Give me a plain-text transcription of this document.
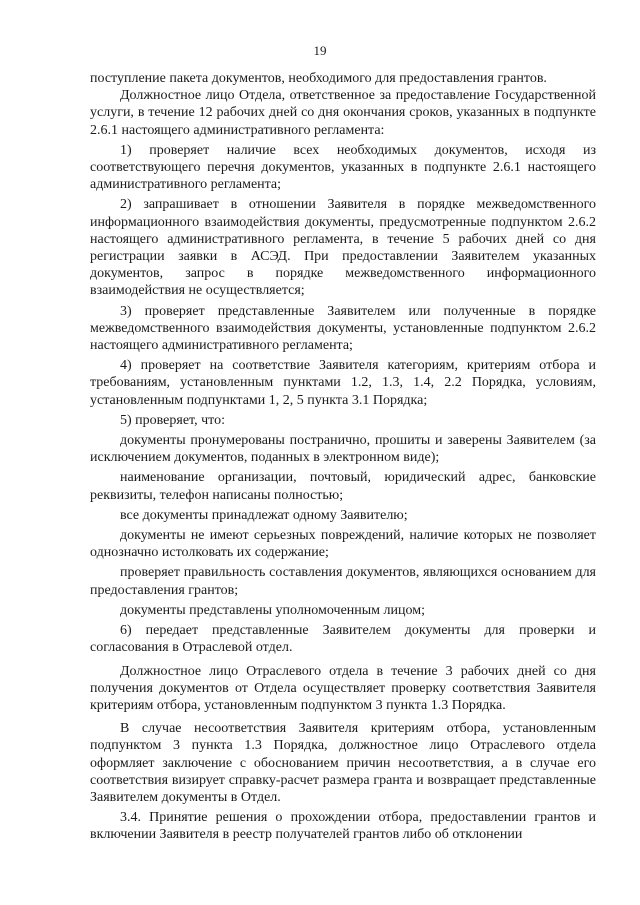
19

поступление пакета документов, необходимого для предоставления грантов.

Должностное лицо Отдела, ответственное за предоставление Государственной услуги, в течение 12 рабочих дней со дня окончания сроков, указанных в подпункте 2.6.1 настоящего административного регламента:

1) проверяет наличие всех необходимых документов, исходя из соответствующего перечня документов, указанных в подпункте 2.6.1 настоящего административного регламента;

2) запрашивает в отношении Заявителя в порядке межведомственного информационного взаимодействия документы, предусмотренные подпунктом 2.6.2 настоящего административного регламента, в течение 5 рабочих дней со дня регистрации заявки в АСЭД. При предоставлении Заявителем указанных документов, запрос в порядке межведомственного информационного взаимодействия не осуществляется;

3) проверяет представленные Заявителем или полученные в порядке межведомственного взаимодействия документы, установленные подпунктом 2.6.2 настоящего административного регламента;

4) проверяет на соответствие Заявителя категориям, критериям отбора и требованиям, установленным пунктами 1.2, 1.3, 1.4, 2.2 Порядка, условиям, установленным подпунктами 1, 2, 5 пункта 3.1 Порядка;

5) проверяет, что:

документы пронумерованы постранично, прошиты и заверены Заявителем (за исключением документов, поданных в электронном виде);

наименование организации, почтовый, юридический адрес, банковские реквизиты, телефон написаны полностью;

все документы принадлежат одному Заявителю;

документы не имеют серьезных повреждений, наличие которых не позволяет однозначно истолковать их содержание;

проверяет правильность составления документов, являющихся основанием для предоставления грантов;

документы представлены уполномоченным лицом;

6) передает представленные Заявителем документы для проверки и согласования в Отраслевой отдел.

Должностное лицо Отраслевого отдела в течение 3 рабочих дней со дня получения документов от Отдела осуществляет проверку соответствия Заявителя критериям отбора, установленным подпунктом 3 пункта 1.3 Порядка.

В случае несоответствия Заявителя критериям отбора, установленным подпунктом 3 пункта 1.3 Порядка, должностное лицо Отраслевого отдела оформляет заключение с обоснованием причин несоответствия, а в случае его соответствия визирует справку-расчет размера гранта и возвращает представленные Заявителем документы в Отдел.

3.4. Принятие решения о прохождении отбора, предоставлении грантов и включении Заявителя в реестр получателей грантов либо об отклонении
